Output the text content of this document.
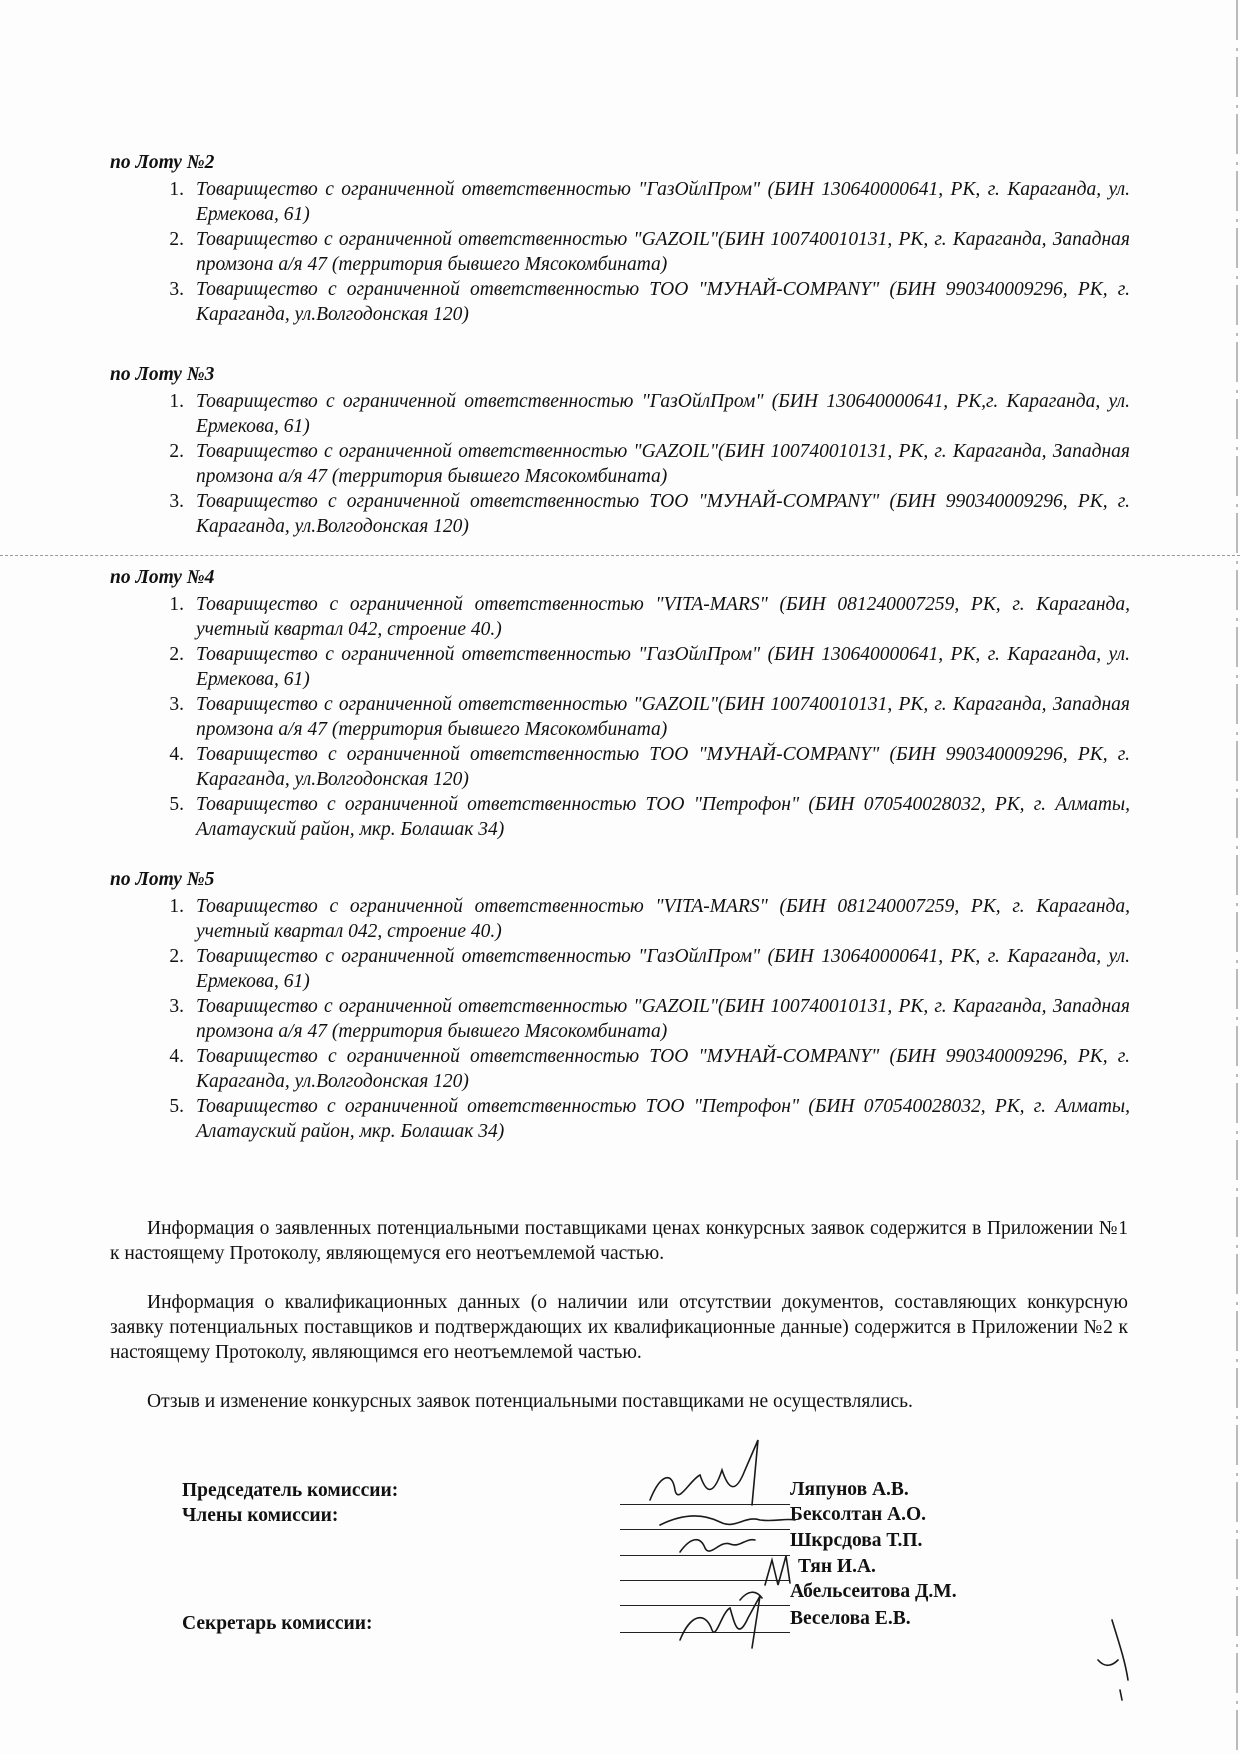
по Лоту №2
1. Товарищество с ограниченной ответственностью "ГазОйлПром" (БИН 130640000641, РК, г. Караганда, ул. Ермекова, 61)
2. Товарищество с ограниченной ответственностью "GAZOIL"(БИН 100740010131, РК, г. Караганда, Западная промзона а/я 47 (территория бывшего Мясокомбината)
3. Товарищество с ограниченной ответственностью ТОО "МУНАЙ-COMPANY" (БИН 990340009296, РК, г. Караганда, ул.Волгодонская 120)
по Лоту №3
1. Товарищество с ограниченной ответственностью "ГазОйлПром" (БИН 130640000641, РК,г. Караганда, ул. Ермекова, 61)
2. Товарищество с ограниченной ответственностью "GAZOIL"(БИН 100740010131, РК, г. Караганда, Западная промзона а/я 47 (территория бывшего Мясокомбината)
3. Товарищество с ограниченной ответственностью ТОО "МУНАЙ-COMPANY" (БИН 990340009296, РК, г. Караганда, ул.Волгодонская 120)
по Лоту №4
1. Товарищество с ограниченной ответственностью "VITA-MARS" (БИН 081240007259, РК, г. Караганда, учетный квартал 042, строение 40.)
2. Товарищество с ограниченной ответственностью "ГазОйлПром" (БИН 130640000641, РК, г. Караганда, ул. Ермекова, 61)
3. Товарищество с ограниченной ответственностью "GAZOIL"(БИН 100740010131, РК, г. Караганда, Западная промзона а/я 47 (территория бывшего Мясокомбината)
4. Товарищество с ограниченной ответственностью ТОО "МУНАЙ-COMPANY" (БИН 990340009296, РК, г. Караганда, ул.Волгодонская 120)
5. Товарищество с ограниченной ответственностью ТОО "Петрофон" (БИН 070540028032, РК, г. Алматы, Алатауский район, мкр. Болашак 34)
по Лоту №5
1. Товарищество с ограниченной ответственностью "VITA-MARS" (БИН 081240007259, РК, г. Караганда, учетный квартал 042, строение 40.)
2. Товарищество с ограниченной ответственностью "ГазОйлПром" (БИН 130640000641, РК, г. Караганда, ул. Ермекова, 61)
3. Товарищество с ограниченной ответственностью "GAZOIL"(БИН 100740010131, РК, г. Караганда, Западная промзона а/я 47 (территория бывшего Мясокомбината)
4. Товарищество с ограниченной ответственностью ТОО "МУНАЙ-COMPANY" (БИН 990340009296, РК, г. Караганда, ул.Волгодонская 120)
5. Товарищество с ограниченной ответственностью ТОО "Петрофон" (БИН 070540028032, РК, г. Алматы, Алатауский район, мкр. Болашак 34)
Информация о заявленных потенциальными поставщиками ценах конкурсных заявок содержится в Приложении №1 к настоящему Протоколу, являющемуся его неотъемлемой частью.
Информация о квалификационных данных (о наличии или отсутствии документов, составляющих конкурсную заявку потенциальных поставщиков и подтверждающих их квалификационные данные) содержится в Приложении №2 к настоящему Протоколу, являющимся его неотъемлемой частью.
Отзыв и изменение конкурсных заявок потенциальными поставщиками не осуществлялись.
Председатель комиссии:
Члены комиссии:
Секретарь комиссии:
Ляпунов А.В.
Бексолтан А.О.
Шкрсдова Т.П.
Тян И.А.
Абельсеитова Д.М.
Веселова Е.В.
